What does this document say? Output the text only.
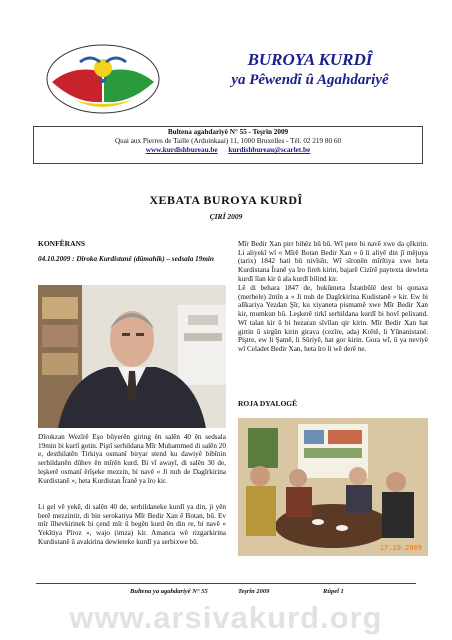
BUROYA KURDÎ
ya Pêwendî û Agahdariyê
Bultena agahdariyê N° 55 - Teşrîn 2009
Quai aux Pierres de Taille (Arduinkaai) 11, 1000 Bruxelles - Tél. 02 219 80 60
www.kurdishbureau.be kurdishbureau@scarlet.be
XEBATA BUROYA KURDÎ
ÇIRÎ 2009
KONFÊRANS
04.10.2009 : Dîroka Kurdistanê (dûmahîk) – sedsala 19min
Dîrokzan Wezîrê Eşo bûyerên giring ên salên 40 ên sedsala 19min bi kurtî gotin. Piştî serhildana Mîr Muhammed di salên 20 e, desthilatên Tirkiya osmanî biryar stend ku dawiyê bibînin serhildanên dûhev ên mîrên kurd. Bi vî awayî, di salên 30 de, leşkerê osmanî êrîşeke mezzin, bi navê « Ji nuh de Dagîrkirina Kurdistanê », heta Kurdistan Îranê ya îro kir.
Li gel vê yekê, di salên 40 de, serhildaneke kurdî ya din, ji yên berê mezzintir, di bin serokatiya Mîr Bedir Xan ê Botan, bû. Ev mîr îlhevkirinek bi çend mîr û begên kurd ên din re, bi navê « Yekîtiya Pîroz », wajo (imza) kir. Amanca wê rizgarkirina Kurdistanê û avakirina dewleteke kurdî ya serbixwe bû.
Mîr Bedir Xan pirr bihêz bû bû. Wî pere bi navê xwe da çêkirin. Li aliyekî wî « Mîrê Botan Bedir Xan » û li aliyê din jî mêjuya (tarix) 1842 hati bû nivîsîn. Wî sîronên mîrîtiya xwe heta Kurdistana Îranê ya îro fireh kirin, bajarê Cizîrê paytexta dewleta kurdî îlan kir û ala kurdî bilind kir.
Lê di behara 1847 de, hukûmeta Îstanbûlê dest bi qonaxa (merhele) 2mîn a « Ji nuh de Dagîrkirina Kudistanê » kir. Ew bi alîkariya Yezdan Şîr, ku xiyaneta pismamê xwe Mîr Bedir Xan kir, mumkun bû. Leşkerê tirkî serhildana kurdî bi hovî pelixand. Wî talan kir û bi hezaran sîvîlan qir kirin. Mîr Bedir Xan hat girtin û sirgûn kirin girava (cezîre, ada) Krêtê, li Yûnanistanê. Piştre, ew li Şamê, li Sûriyê, hat gor kirin. Gora wî, û ya neviyê wî Celadet Bedir Xan, heta îro li wê derê ne.
ROJA DYALOGÊ
17.10.2009
Bultena ya agahdariyê N° 55	Teşrîn 2009	Rûpel 1
www.arsivakurd.org
